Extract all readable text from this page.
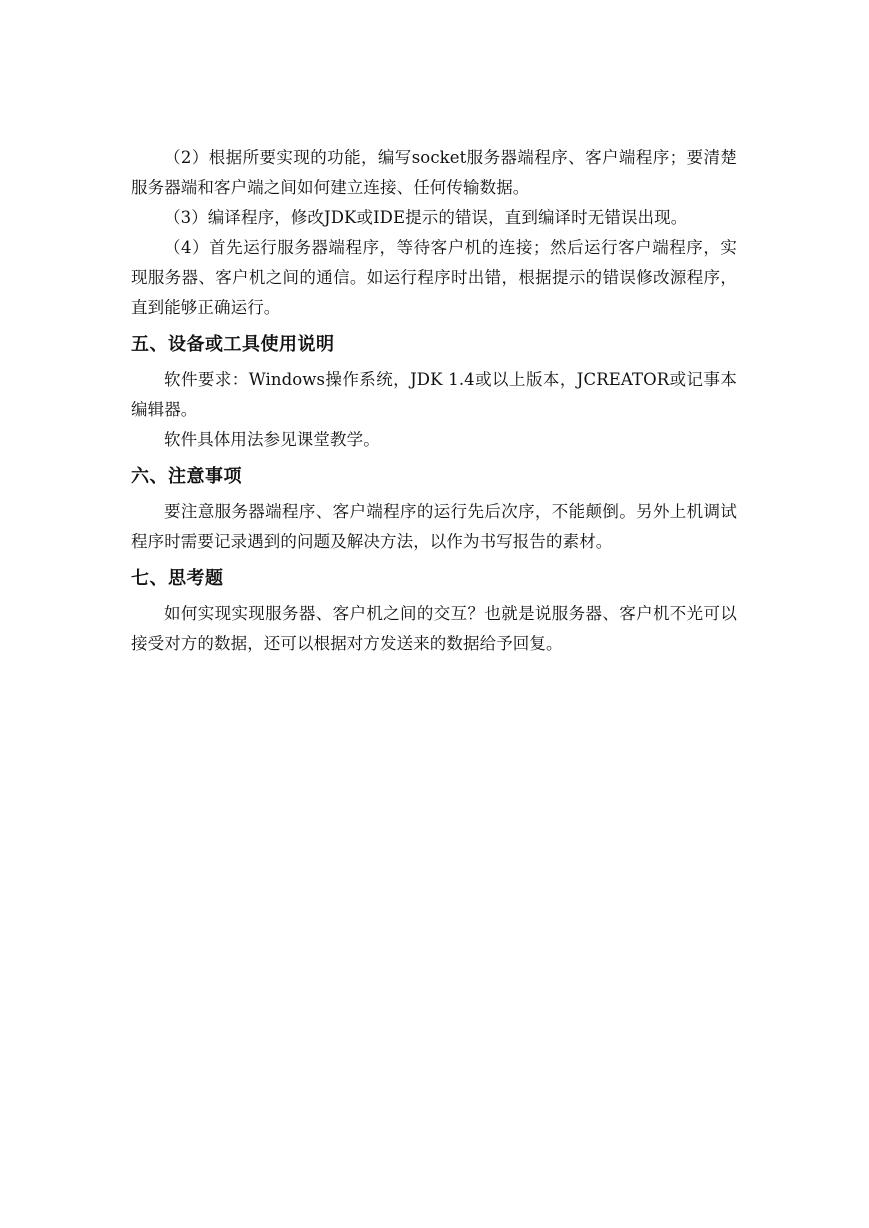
（2）根据所要实现的功能，编写socket服务器端程序、客户端程序；要清楚服务器端和客户端之间如何建立连接、任何传输数据。

（3）编译程序，修改JDK或IDE提示的错误，直到编译时无错误出现。

（4）首先运行服务器端程序，等待客户机的连接；然后运行客户端程序，实现服务器、客户机之间的通信。如运行程序时出错，根据提示的错误修改源程序，直到能够正确运行。

五、设备或工具使用说明

软件要求：Windows操作系统，JDK 1.4或以上版本，JCREATOR或记事本编辑器。

软件具体用法参见课堂教学。

六、注意事项

要注意服务器端程序、客户端程序的运行先后次序，不能颠倒。另外上机调试程序时需要记录遇到的问题及解决方法，以作为书写报告的素材。

七、思考题

如何实现实现服务器、客户机之间的交互？也就是说服务器、客户机不光可以接受对方的数据，还可以根据对方发送来的数据给予回复。
